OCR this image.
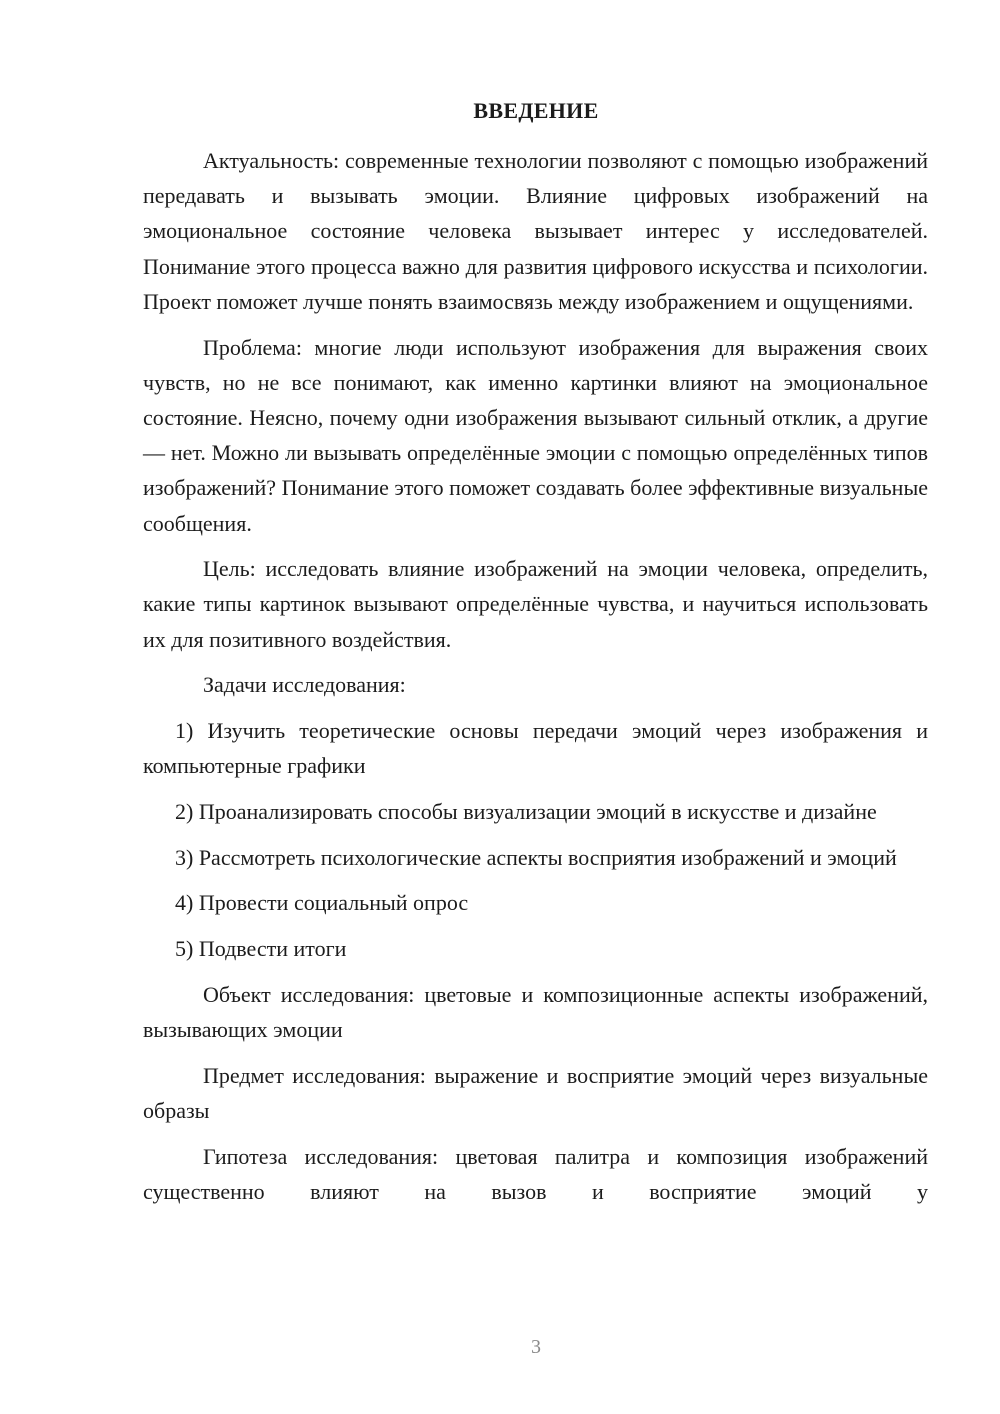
ВВЕДЕНИЕ

Актуальность: современные технологии позволяют с помощью изображений передавать и вызывать эмоции. Влияние цифровых изображений на эмоциональное состояние человека вызывает интерес у исследователей. Понимание этого процесса важно для развития цифрового искусства и психологии. Проект поможет лучше понять взаимосвязь между изображением и ощущениями.

Проблема: многие люди используют изображения для выражения своих чувств, но не все понимают, как именно картинки влияют на эмоциональное состояние. Неясно, почему одни изображения вызывают сильный отклик, а другие — нет. Можно ли вызывать определённые эмоции с помощью определённых типов изображений? Понимание этого поможет создавать более эффективные визуальные сообщения.

Цель: исследовать влияние изображений на эмоции человека, определить, какие типы картинок вызывают определённые чувства, и научиться использовать их для позитивного воздействия.

Задачи исследования:

1) Изучить теоретические основы передачи эмоций через изображения и компьютерные графики

2) Проанализировать способы визуализации эмоций в искусстве и дизайне

3) Рассмотреть психологические аспекты восприятия изображений и эмоций

4) Провести социальный опрос

5) Подвести итоги

Объект исследования: цветовые и композиционные аспекты изображений, вызывающих эмоции

Предмет исследования: выражение и восприятие эмоций через визуальные образы

Гипотеза исследования: цветовая палитра и композиция изображений существенно влияют на вызов и восприятие эмоций у

3
